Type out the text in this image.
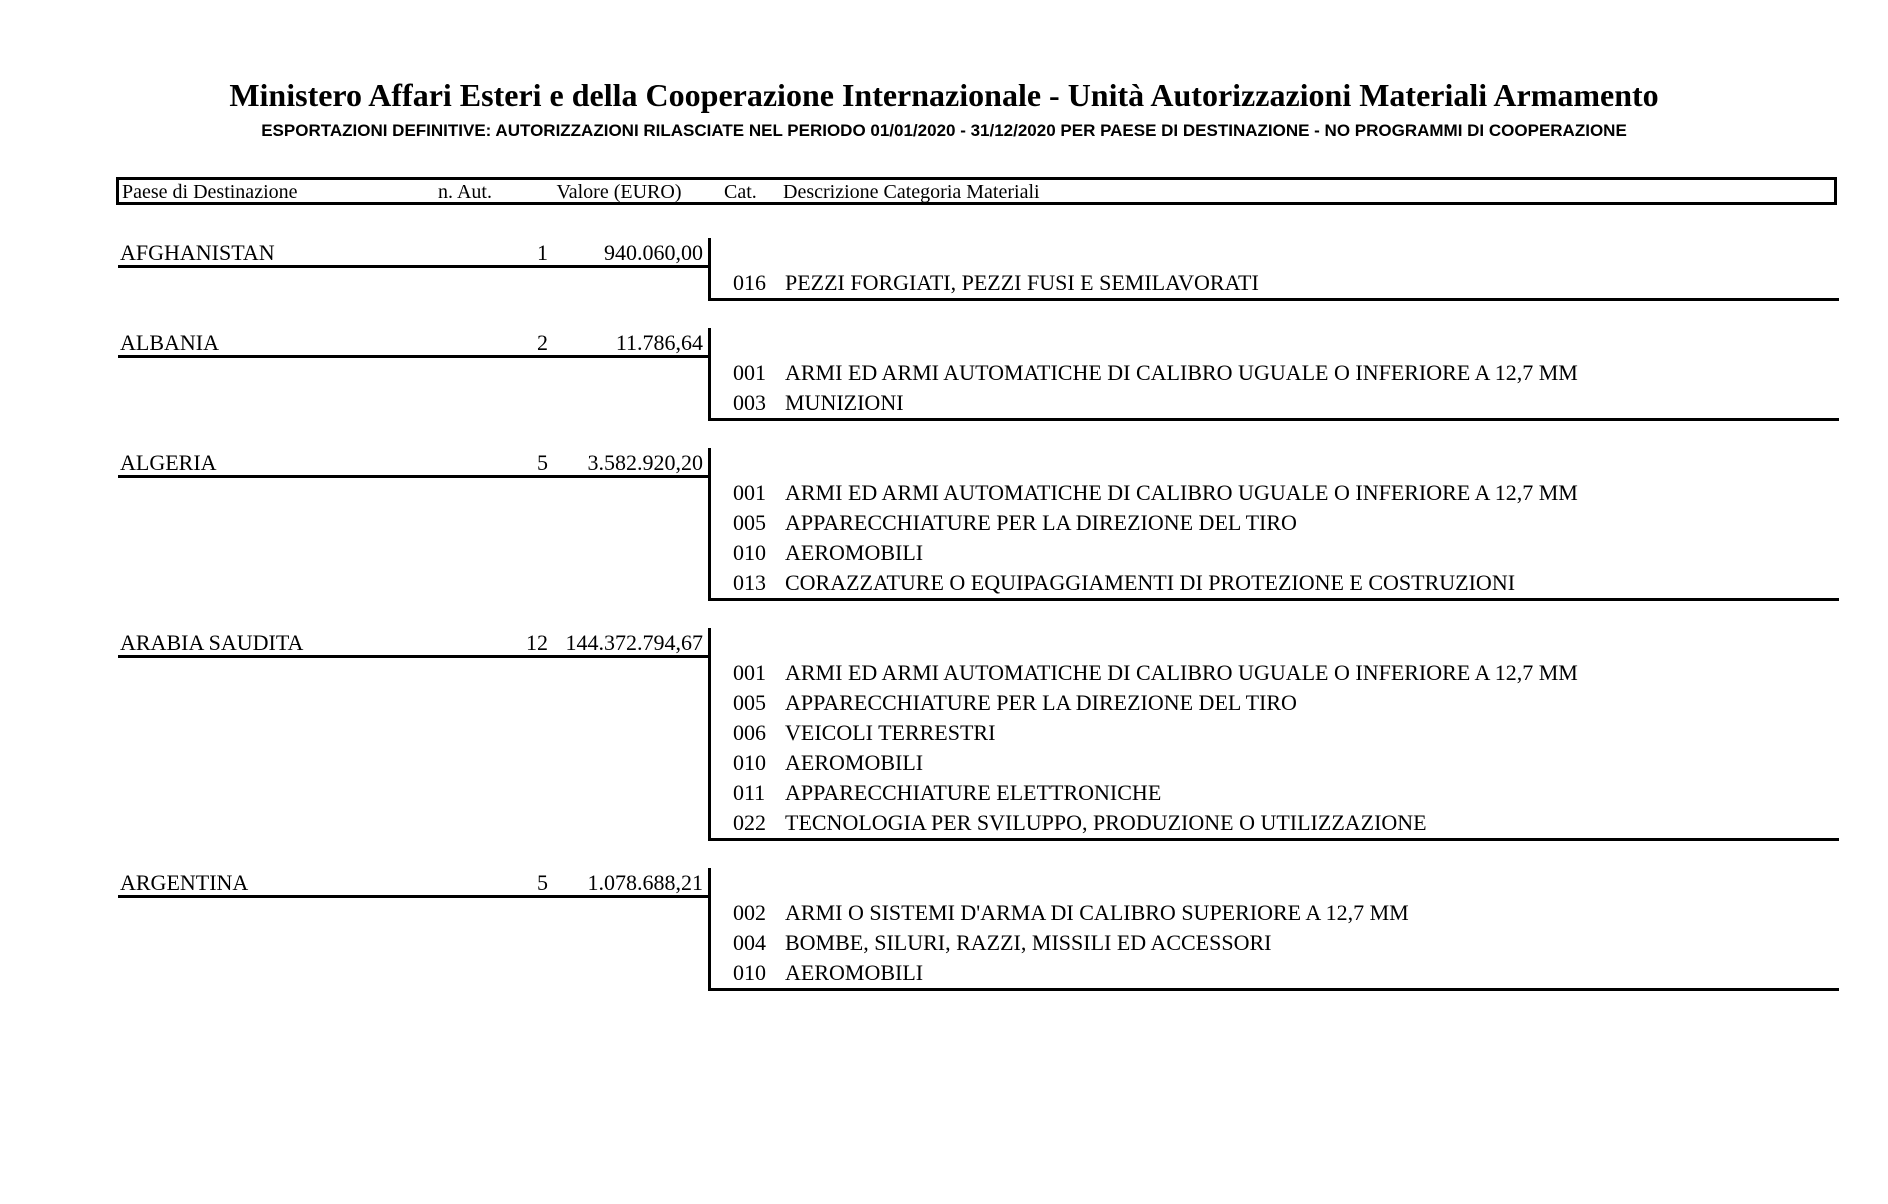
Ministero Affari Esteri e della Cooperazione Internazionale - Unità Autorizzazioni Materiali Armamento
ESPORTAZIONI DEFINITIVE: AUTORIZZAZIONI RILASCIATE NEL PERIODO 01/01/2020 - 31/12/2020 PER PAESE DI DESTINAZIONE - NO PROGRAMMI DI COOPERAZIONE
Paese di Destinazione	n. Aut.	Valore (EURO)	Cat. Descrizione Categoria Materiali
AFGHANISTAN	1	940.060,00
016 PEZZI FORGIATI, PEZZI FUSI E SEMILAVORATI
ALBANIA	2	11.786,64
001 ARMI ED ARMI AUTOMATICHE DI CALIBRO UGUALE O INFERIORE A 12,7 MM
003 MUNIZIONI
ALGERIA	5	3.582.920,20
001 ARMI ED ARMI AUTOMATICHE DI CALIBRO UGUALE O INFERIORE A 12,7 MM
005 APPARECCHIATURE PER LA DIREZIONE DEL TIRO
010 AEROMOBILI
013 CORAZZATURE O EQUIPAGGIAMENTI DI PROTEZIONE E COSTRUZIONI
ARABIA SAUDITA	12 144.372.794,67
001 ARMI ED ARMI AUTOMATICHE DI CALIBRO UGUALE O INFERIORE A 12,7 MM
005 APPARECCHIATURE PER LA DIREZIONE DEL TIRO
006 VEICOLI TERRESTRI
010 AEROMOBILI
011 APPARECCHIATURE ELETTRONICHE
022 TECNOLOGIA PER SVILUPPO, PRODUZIONE O UTILIZZAZIONE
ARGENTINA	5	1.078.688,21
002 ARMI O SISTEMI D'ARMA DI CALIBRO SUPERIORE A 12,7 MM
004 BOMBE, SILURI, RAZZI, MISSILI ED ACCESSORI
010 AEROMOBILI
